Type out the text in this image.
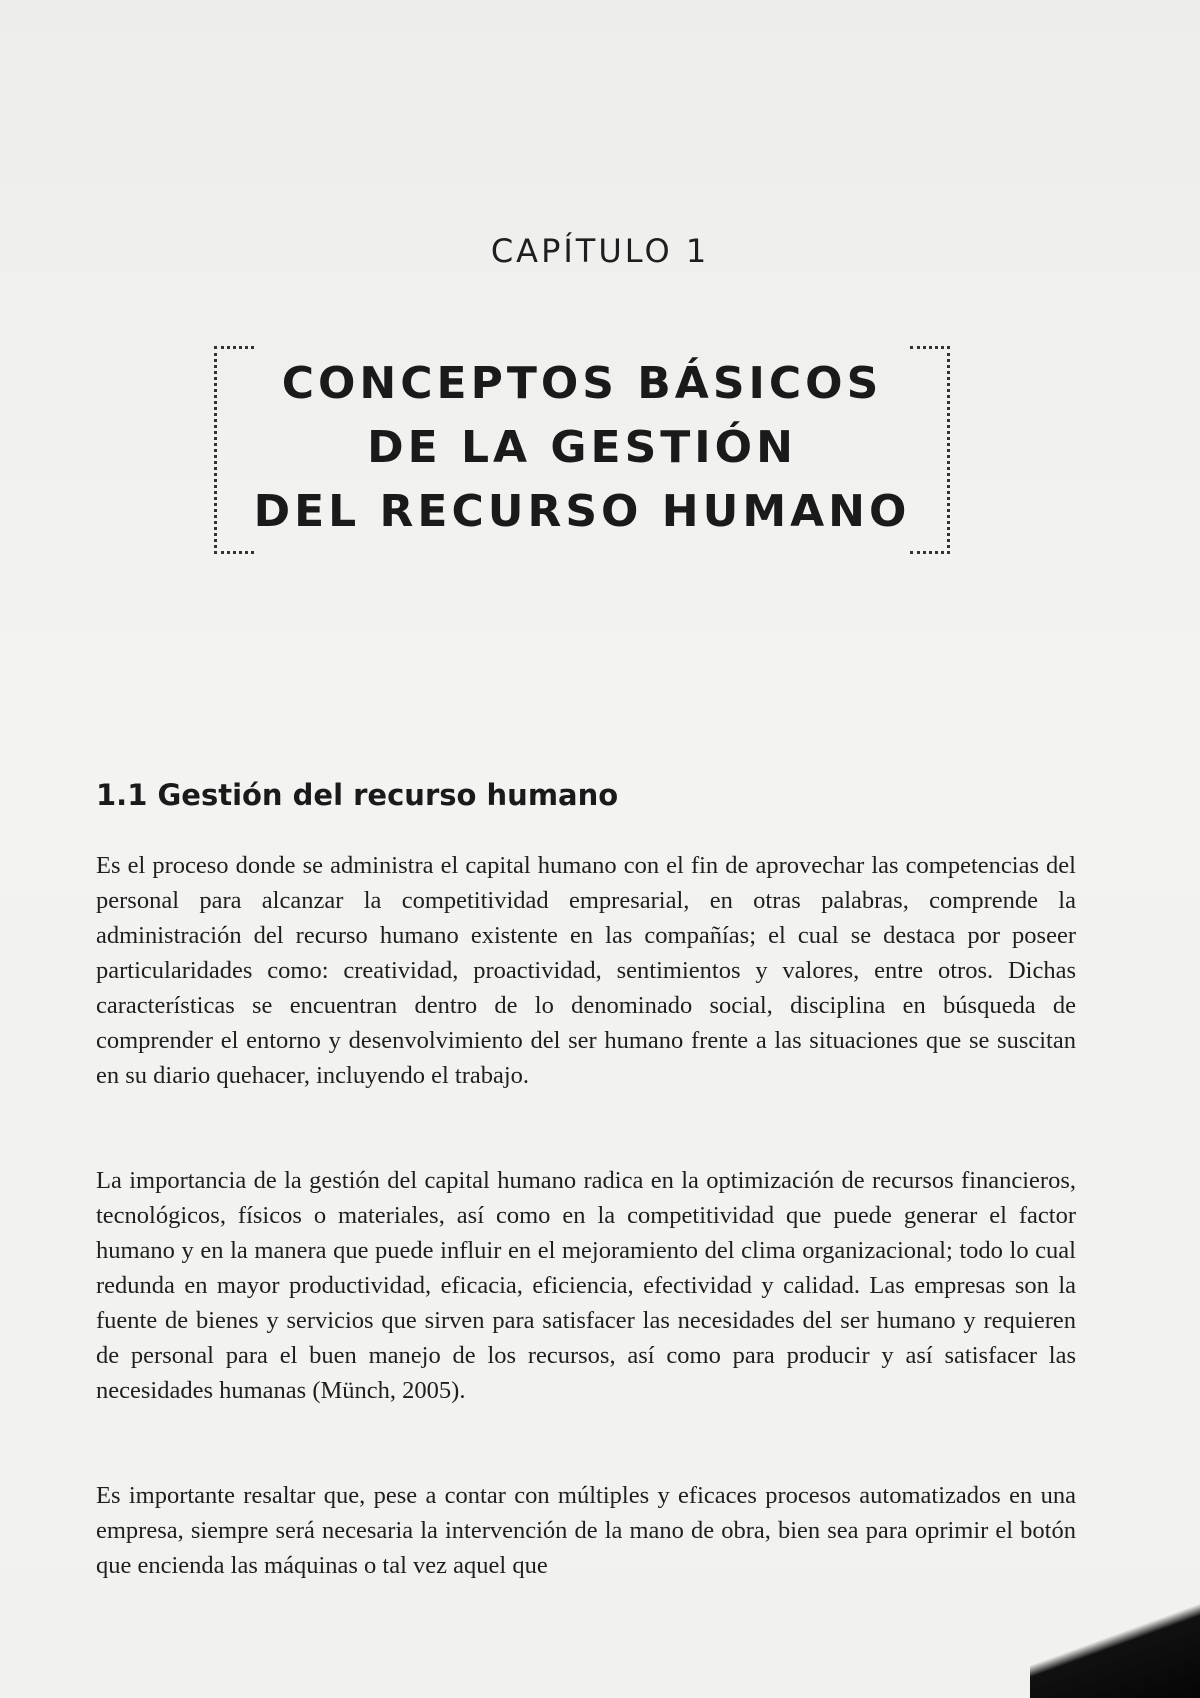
CAPÍTULO 1
CONCEPTOS BÁSICOS
DE LA GESTIÓN
DEL RECURSO HUMANO
1.1 Gestión del recurso humano

Es el proceso donde se administra el capital humano con el fin de aprovechar las competencias del personal para alcanzar la competitividad empresarial, en otras palabras, comprende la administración del recurso humano existente en las compañías; el cual se destaca por poseer particularidades como: creatividad, proactividad, sentimientos y valores, entre otros. Dichas características se encuentran dentro de lo denominado social, disciplina en búsqueda de comprender el entorno y desenvolvimiento del ser humano frente a las situaciones que se suscitan en su diario quehacer, incluyendo el trabajo.

La importancia de la gestión del capital humano radica en la optimización de recursos financieros, tecnológicos, físicos o materiales, así como en la competitividad que puede generar el factor humano y en la manera que puede influir en el mejoramiento del clima organizacional; todo lo cual redunda en mayor productividad, eficacia, eficiencia, efectividad y calidad. Las empresas son la fuente de bienes y servicios que sirven para satisfacer las necesidades del ser humano y requieren de personal para el buen manejo de los recursos, así como para producir y así satisfacer las necesidades humanas (Münch, 2005).

Es importante resaltar que, pese a contar con múltiples y eficaces procesos automatizados en una empresa, siempre será necesaria la intervención de la mano de obra, bien sea para oprimir el botón que encienda las máquinas o tal vez aquel que
